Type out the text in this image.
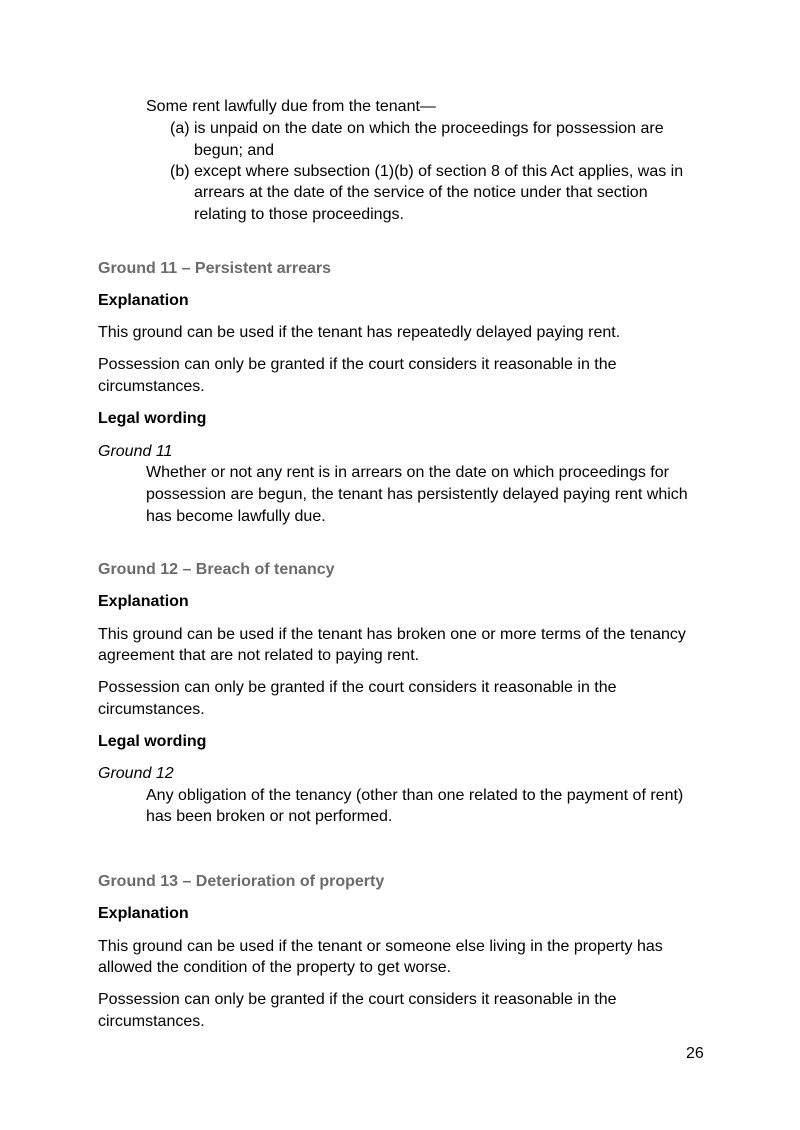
Some rent lawfully due from the tenant—

(a) is unpaid on the date on which the proceedings for possession are

begun; and

(b) except where subsection (1)(b) of section 8 of this Act applies, was in

arrears at the date of the service of the notice under that section

relating to those proceedings.

Ground 11 – Persistent arrears

Explanation

This ground can be used if the tenant has repeatedly delayed paying rent.

Possession can only be granted if the court considers it reasonable in the

circumstances.

Legal wording

Ground 11

Whether or not any rent is in arrears on the date on which proceedings for

possession are begun, the tenant has persistently delayed paying rent which

has become lawfully due.

Ground 12 – Breach of tenancy

Explanation

This ground can be used if the tenant has broken one or more terms of the tenancy

agreement that are not related to paying rent.

Possession can only be granted if the court considers it reasonable in the

circumstances.

Legal wording

Ground 12

Any obligation of the tenancy (other than one related to the payment of rent)

has been broken or not performed.

Ground 13 – Deterioration of property

Explanation

This ground can be used if the tenant or someone else living in the property has

allowed the condition of the property to get worse.

Possession can only be granted if the court considers it reasonable in the

circumstances.

26
